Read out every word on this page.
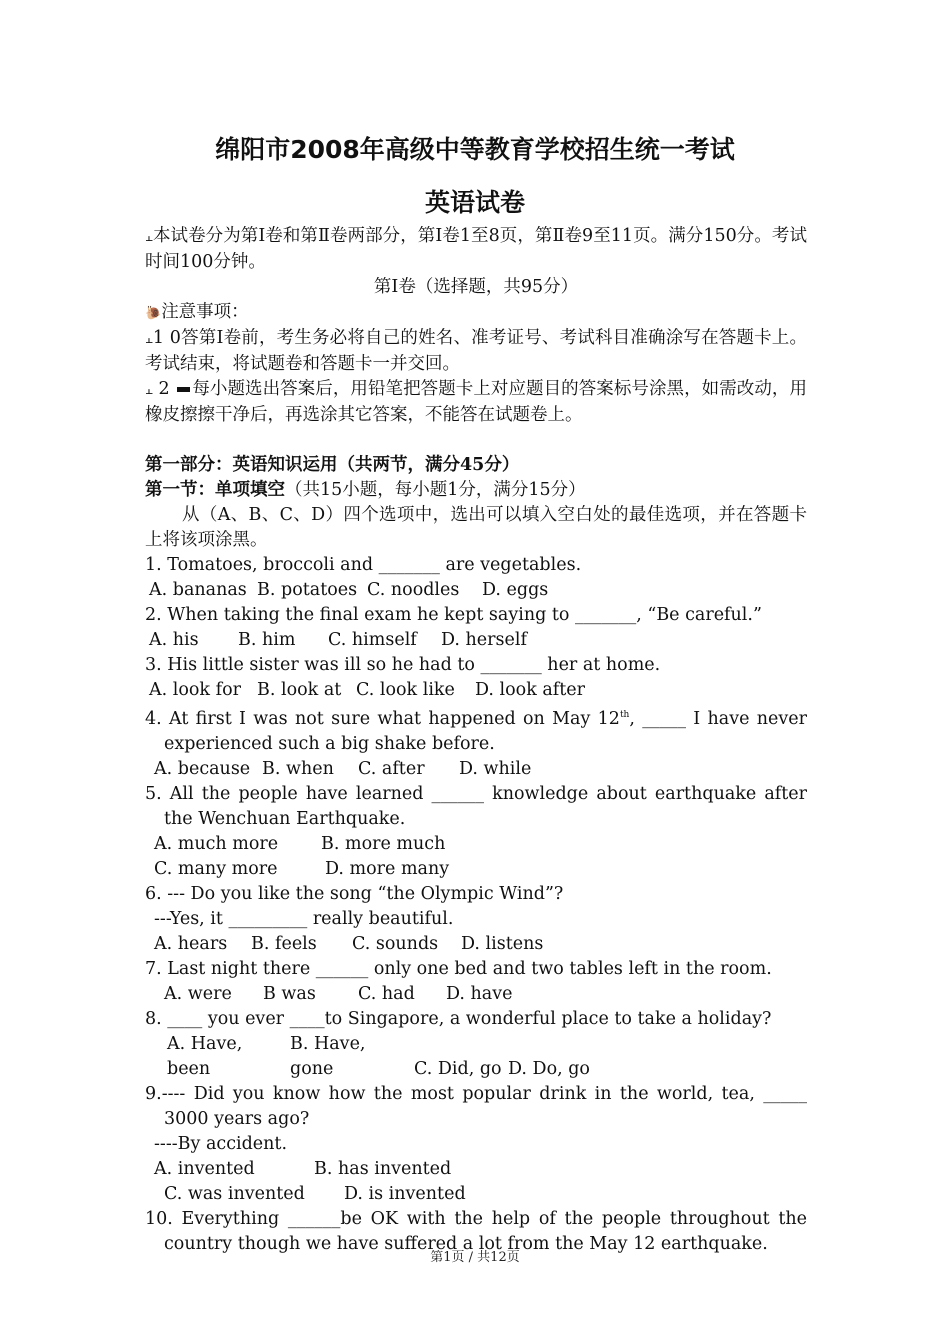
绵阳市2008年高级中等教育学校招生统一考试
英语试卷

⫠本试卷分为第Ⅰ卷和第Ⅱ卷两部分，第Ⅰ卷1至8页，第Ⅱ卷9至11页。满分150分。考试时间100分钟。

第Ⅰ卷（选择题，共95分）

🐌注意事项：

⫠1 0答第Ⅰ卷前，考生务必将自己的姓名、准考证号、考试科目准确涂写在答题卡上。考试结束，将试题卷和答题卡一并交回。

⫠ 2 每小题选出答案后，用铅笔把答题卡上对应题目的答案标号涂黑，如需改动，用橡皮擦擦干净后，再选涂其它答案，不能答在试题卷上。

第一部分：英语知识运用（共两节，满分45分）

第一节：单项填空（共15小题，每小题1分，满分15分）

从（A、B、C、D）四个选项中，选出可以填入空白处的最佳选项，并在答题卡上将该项涂黑。

1. Tomatoes, broccoli and _______ are vegetables.

A. bananas B. potatoes C. noodles D. eggs

2. When taking the final exam he kept saying to _______, “Be careful.”

A. his B. him C. himself D. herself

3. His little sister was ill so he had to _______ her at home.

A. look for B. look at C. look like D. look after

4. At first I was not sure what happened on May 12th, _____ I have never experienced such a big shake before.

A. because B. when C. after D. while

5. All the people have learned ______ knowledge about earthquake after the Wenchuan Earthquake.

A. much more B. more much

C. many more	D. more many

6. --- Do you like the song “the Olympic Wind”?

---Yes, it _________ really beautiful.

A. hears B. feels C. sounds D. listens

7. Last night there ______ only one bed and two tables left in the room.

A. were B was C. had D. have

8. ____ you ever ____to Singapore, a wonderful place to take a holiday?

A. Have, beenB. Have, gone	C. Did, go D. Do, go

9.---- Did you know how the most popular drink in the world, tea, _____ 3000 years ago?

----By accident.

A. invented	B. has invented

C. was invented D. is invented

10. Everything ______be OK with the help of the people throughout the country though we have suffered a lot from the May 12 earthquake.

第1页 / 共12页
